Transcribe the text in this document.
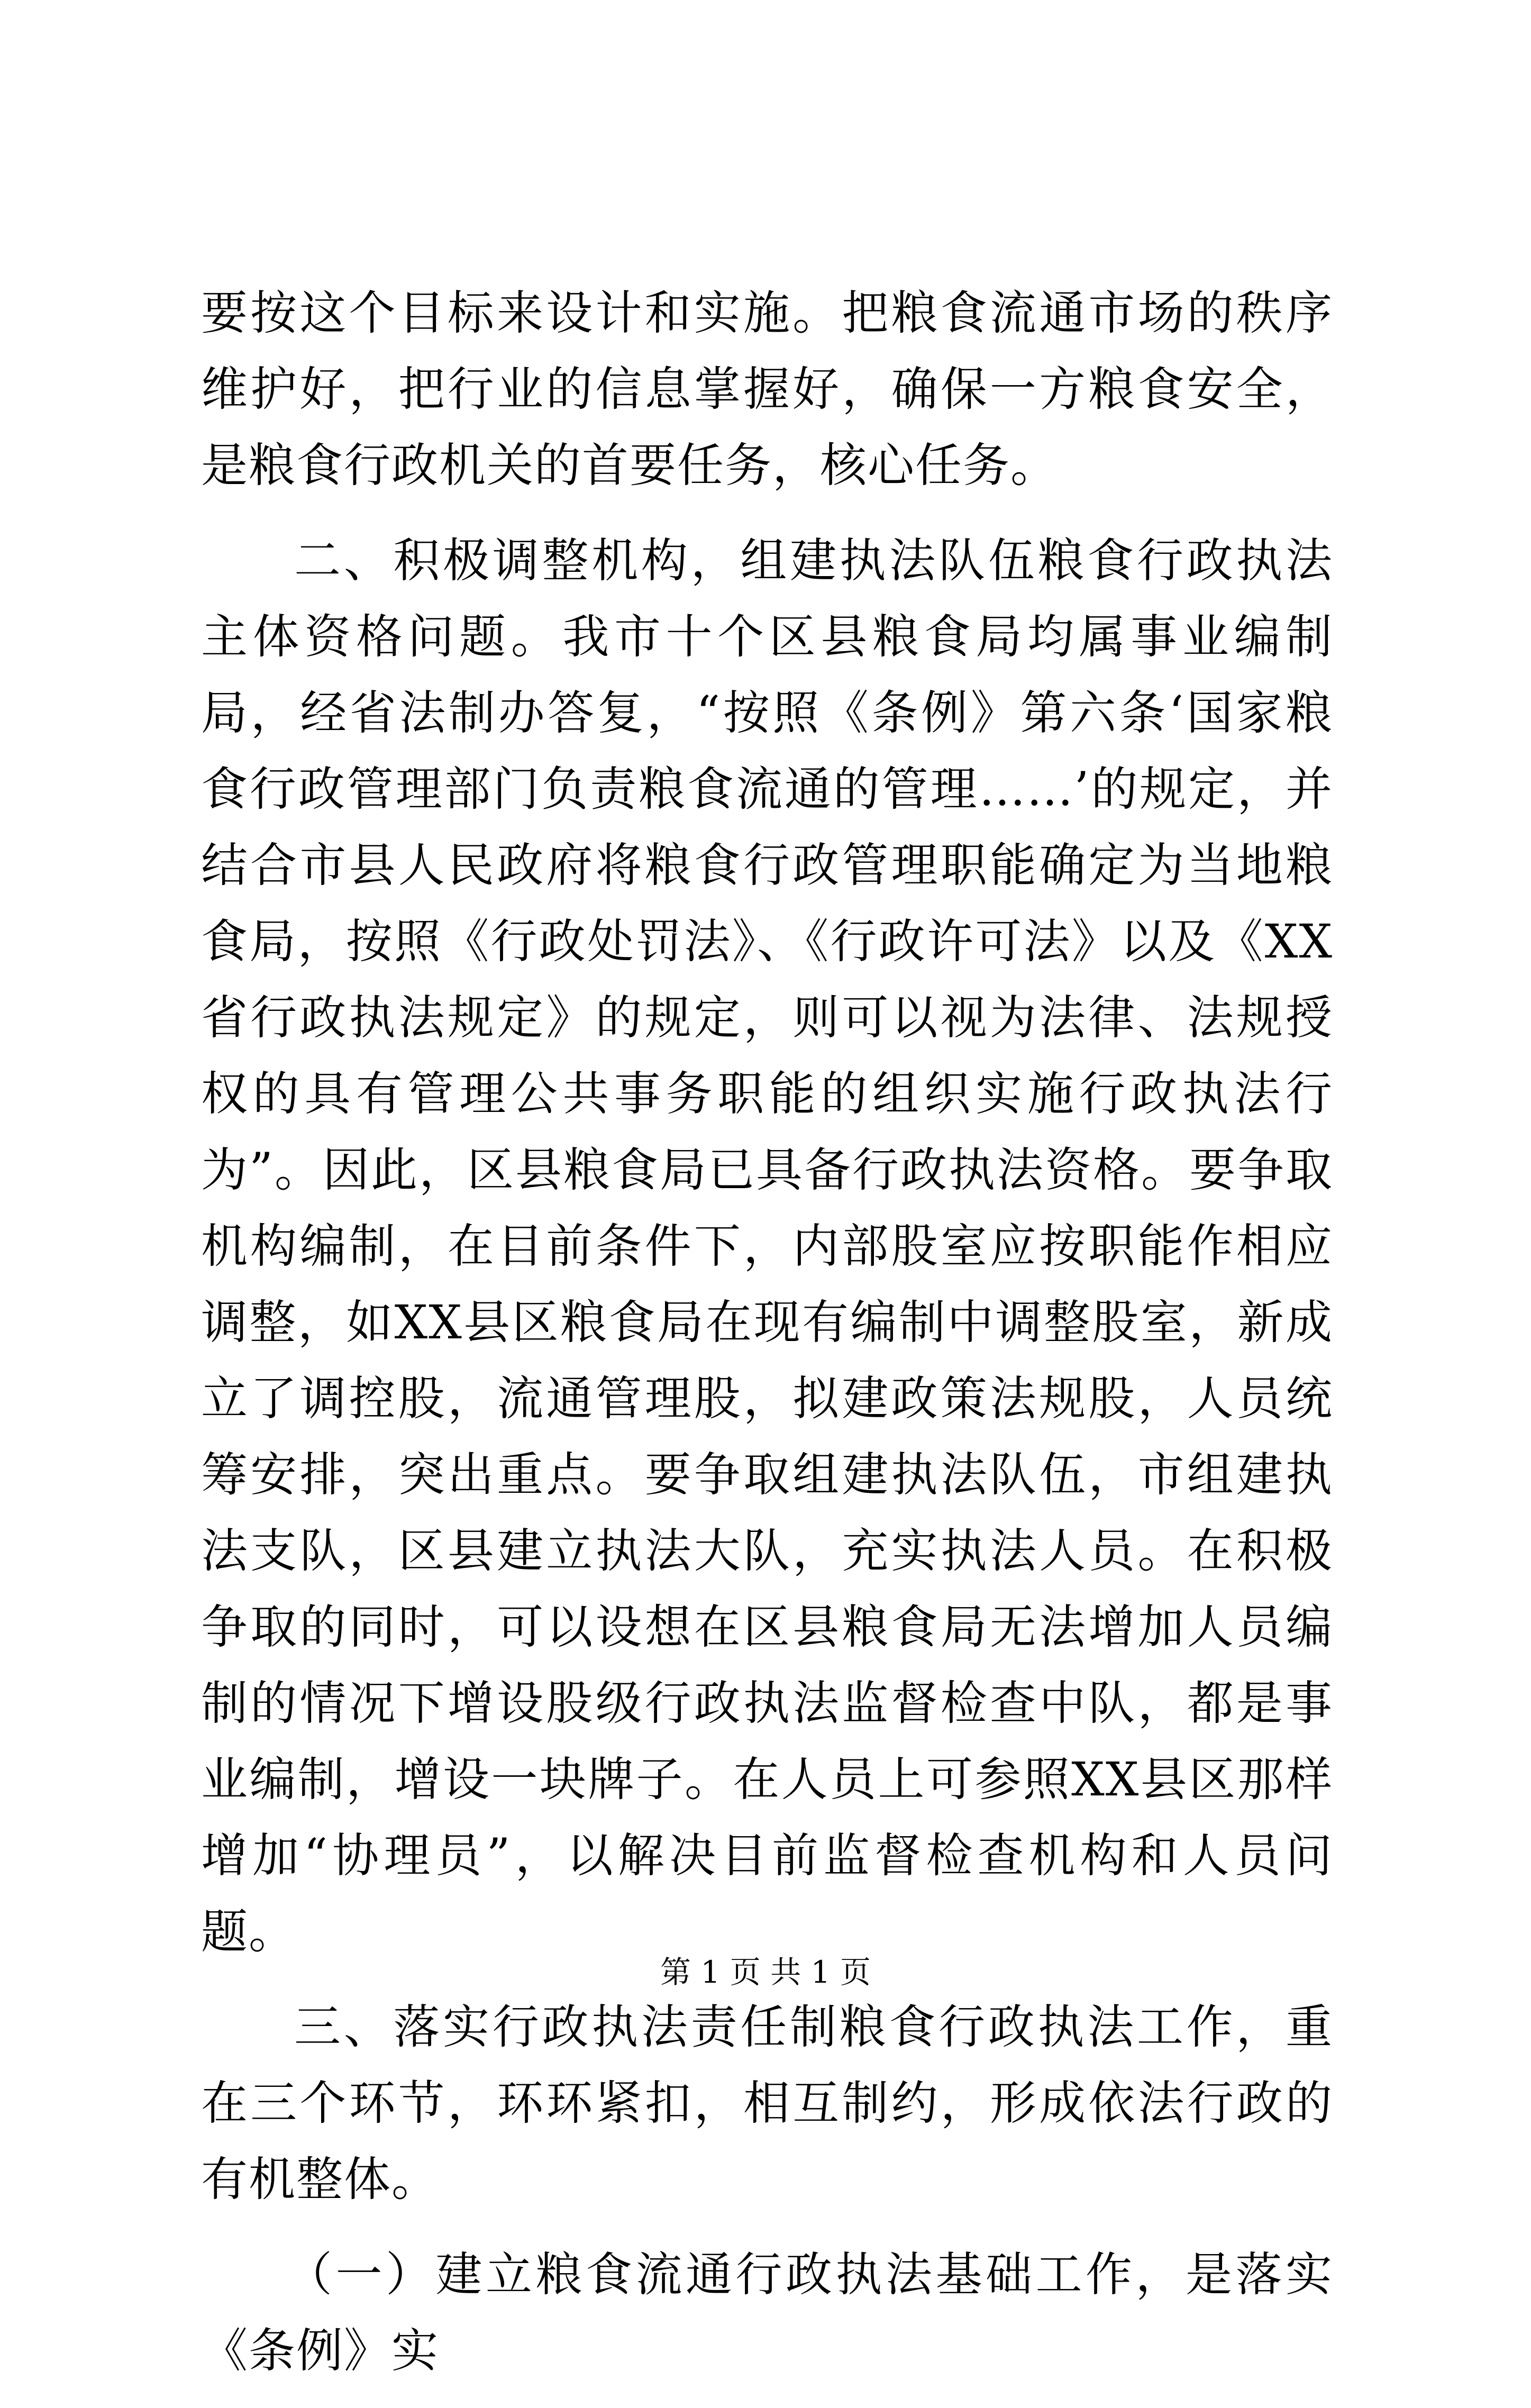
要按这个目标来设计和实施。把粮食流通市场的秩序维护好，把行业的信息掌握好，确保一方粮食安全，是粮食行政机关的首要任务，核心任务。

二、积极调整机构，组建执法队伍粮食行政执法主体资格问题。我市十个区县粮食局均属事业编制局，经省法制办答复，“按照《条例》第六条‘国家粮食行政管理部门负责粮食流通的管理……’的规定，并结合市县人民政府将粮食行政管理职能确定为当地粮食局，按照《行政处罚法》、《行政许可法》以及《XX省行政执法规定》的规定，则可以视为法律、法规授权的具有管理公共事务职能的组织实施行政执法行为”。因此，区县粮食局已具备行政执法资格。要争取机构编制，在目前条件下，内部股室应按职能作相应调整，如XX县区粮食局在现有编制中调整股室，新成立了调控股，流通管理股，拟建政策法规股，人员统筹安排，突出重点。要争取组建执法队伍，市组建执法支队，区县建立执法大队，充实执法人员。在积极争取的同时，可以设想在区县粮食局无法增加人员编制的情况下增设股级行政执法监督检查中队，都是事业编制，增设一块牌子。在人员上可参照XX县区那样增加“协理员”，以解决目前监督检查机构和人员问题。

三、落实行政执法责任制粮食行政执法工作，重在三个环节，环环紧扣，相互制约，形成依法行政的有机整体。

（一）建立粮食流通行政执法基础工作，是落实《条例》实

第 1 页 共 1 页
